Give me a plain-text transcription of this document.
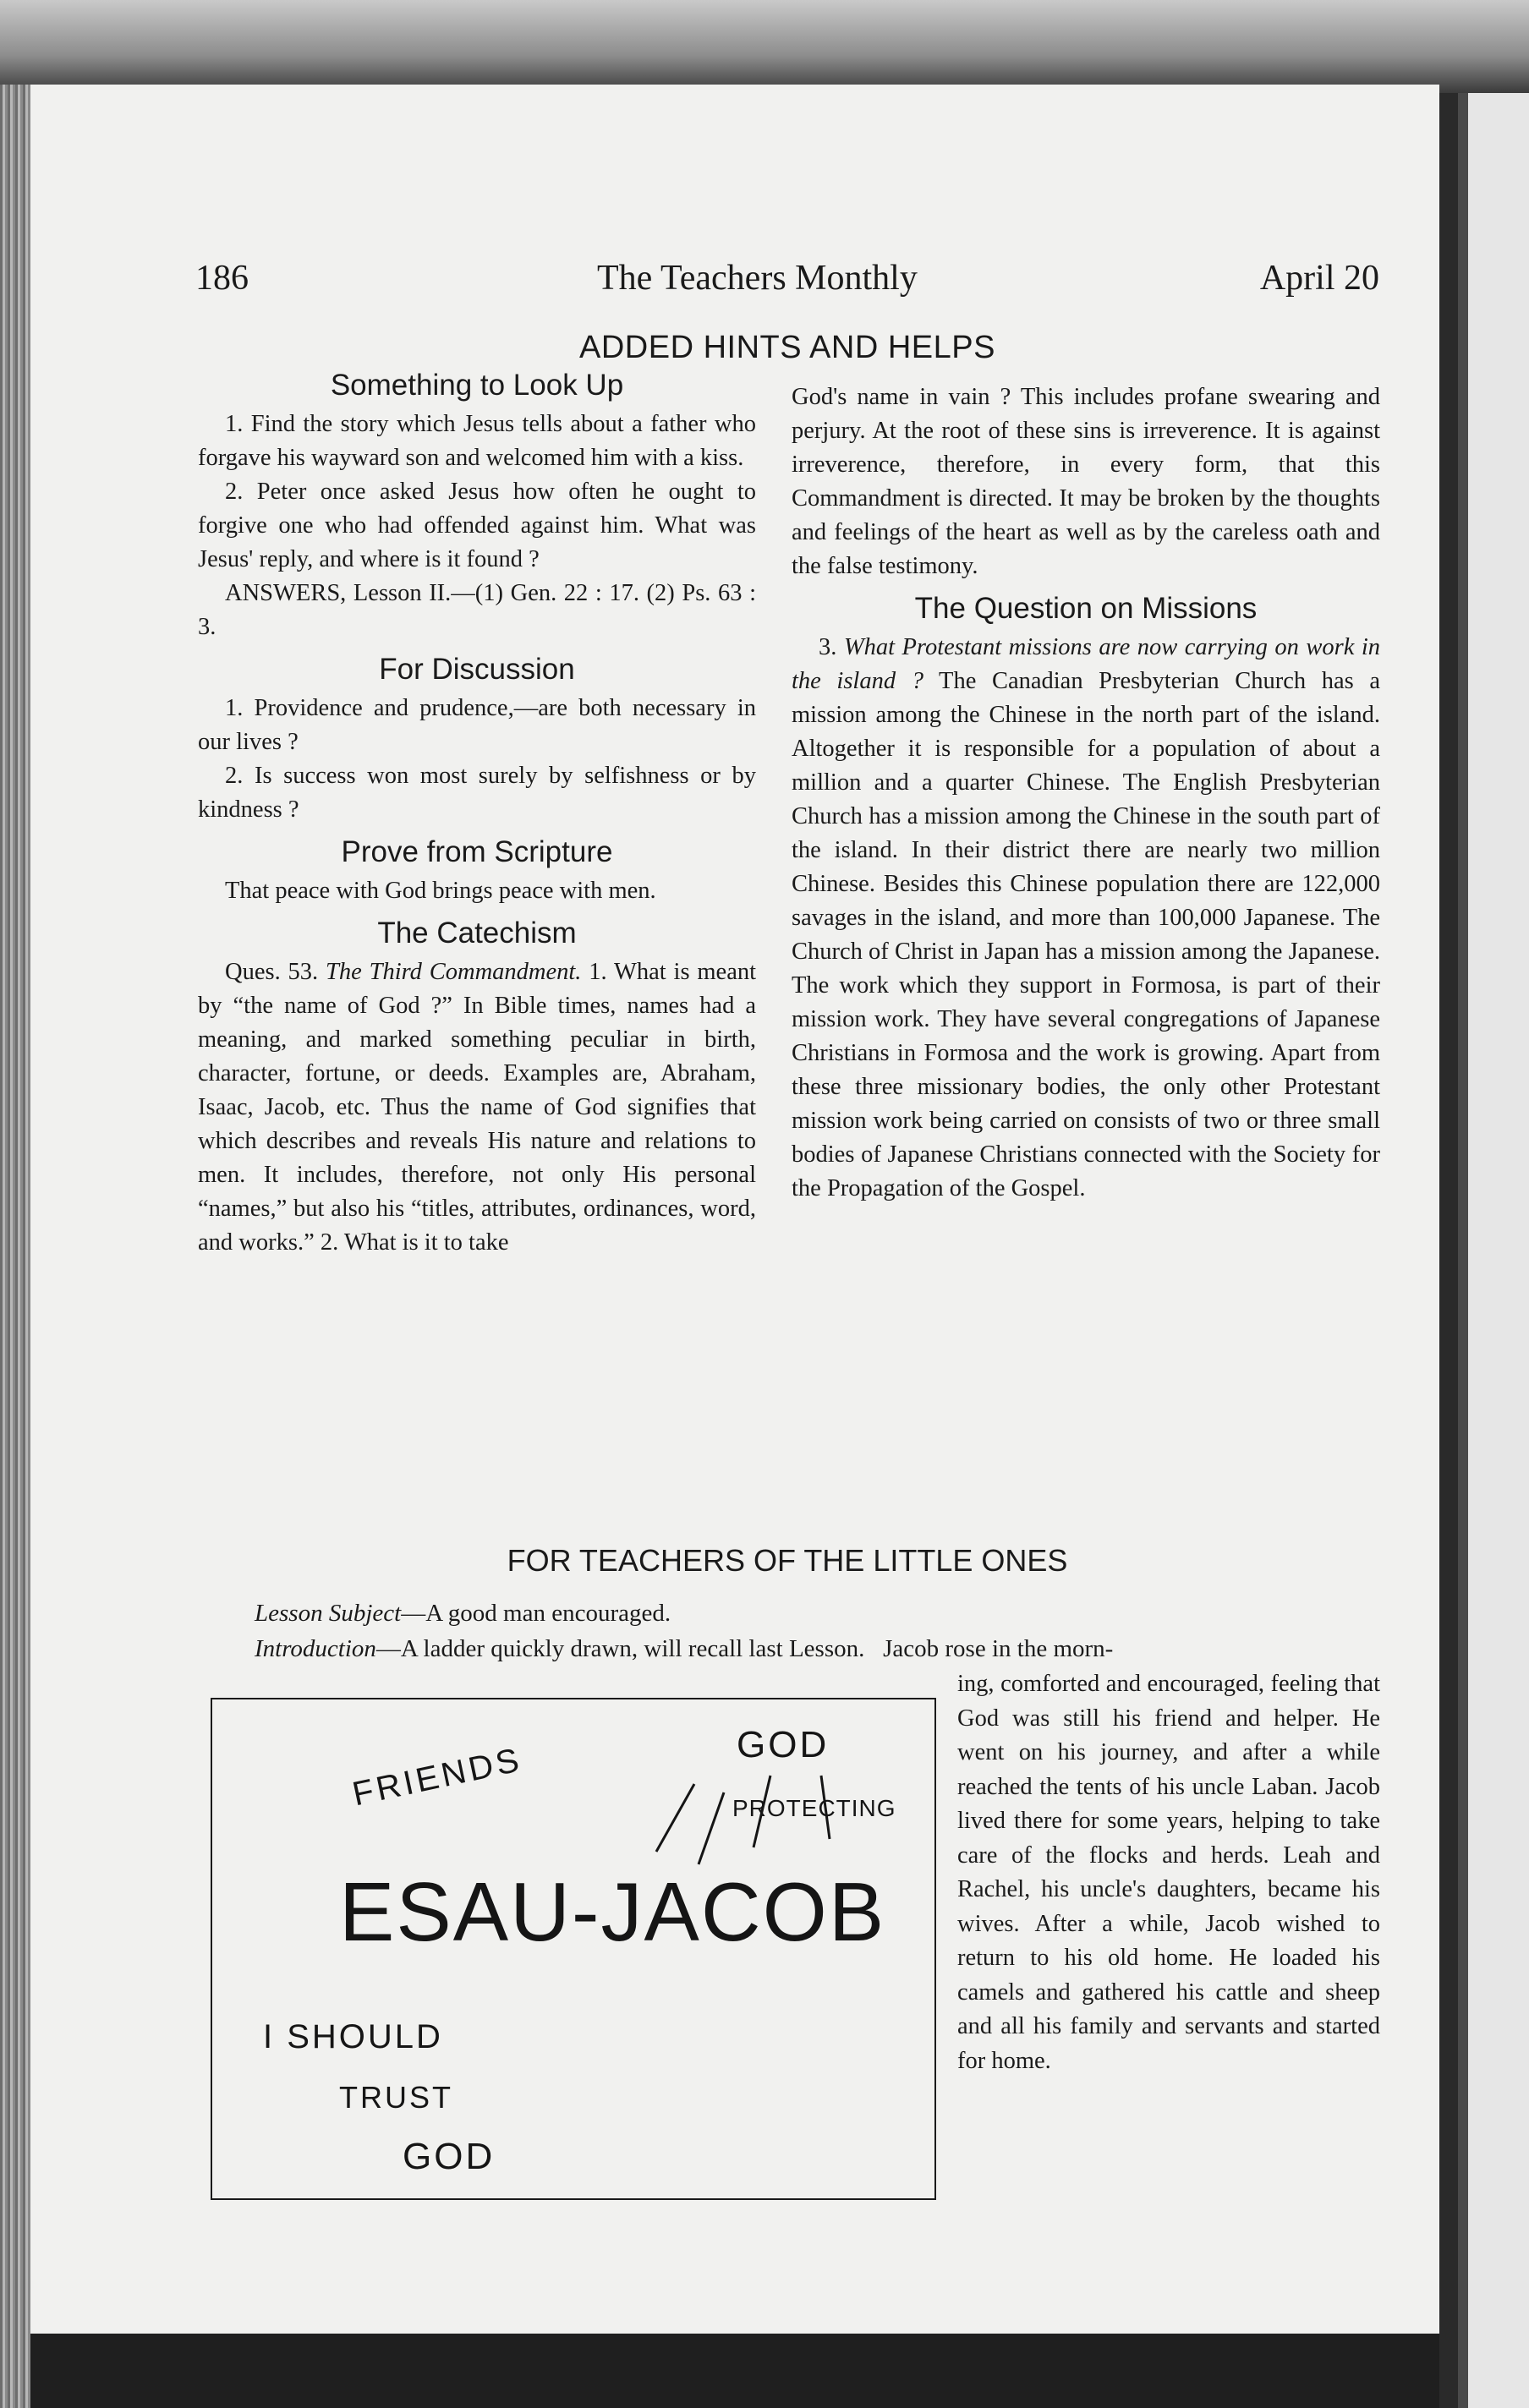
186	The Teachers Monthly	April 20
ADDED HINTS AND HELPS
Something to Look Up

1. Find the story which Jesus tells about a father who forgave his wayward son and welcomed him with a kiss.

2. Peter once asked Jesus how often he ought to forgive one who had offended against him. What was Jesus' reply, and where is it found ?

ANSWERS, Lesson II.—(1) Gen. 22 : 17. (2) Ps. 63 : 3.

For Discussion

1. Providence and prudence,—are both necessary in our lives ?

2. Is success won most surely by selfishness or by kindness ?

Prove from Scripture

That peace with God brings peace with men.

The Catechism

Ques. 53. The Third Commandment. 1. What is meant by “the name of God ?” In Bible times, names had a meaning, and marked something peculiar in birth, character, fortune, or deeds. Examples are, Abraham, Isaac, Jacob, etc. Thus the name of God signifies that which describes and reveals His nature and relations to men. It includes, therefore, not only His personal “names,” but also his “titles, attributes, ordinances, word, and works.” 2. What is it to take

God's name in vain ? This includes profane swearing and perjury. At the root of these sins is irreverence. It is against irreverence, therefore, in every form, that this Commandment is directed. It may be broken by the thoughts and feelings of the heart as well as by the careless oath and the false testimony.

The Question on Missions

3. What Protestant missions are now carrying on work in the island ? The Canadian Presbyterian Church has a mission among the Chinese in the north part of the island. Altogether it is responsible for a population of about a million and a quarter Chinese. The English Presbyterian Church has a mission among the Chinese in the south part of the island. In their district there are nearly two million Chinese. Besides this Chinese population there are 122,000 savages in the island, and more than 100,000 Japanese. The Church of Christ in Japan has a mission among the Japanese. The work which they support in Formosa, is part of their mission work. They have several congregations of Japanese Christians in Formosa and the work is growing. Apart from these three missionary bodies, the only other Protestant mission work being carried on consists of two or three small bodies of Japanese Christians connected with the Society for the Propagation of the Gospel.

FOR TEACHERS OF THE LITTLE ONES
Lesson Subject—A good man encouraged.
Introduction—A ladder quickly drawn, will recall last Lesson. Jacob rose in the morn-

ing, comforted and encouraged, feeling that God was still his friend and helper. He went on his journey, and after a while reached the tents of his uncle Laban. Jacob lived there for some years, helping to take care of the flocks and herds. Leah and Rachel, his uncle's daughters, became his wives. After a while, Jacob wished to return to his old home. He loaded his camels and gathered his cattle and sheep and all his family and servants and started for home.

FRIENDS	GOD
PROTECTING
ESAU-JACOB
I SHOULD
TRUST
GOD
